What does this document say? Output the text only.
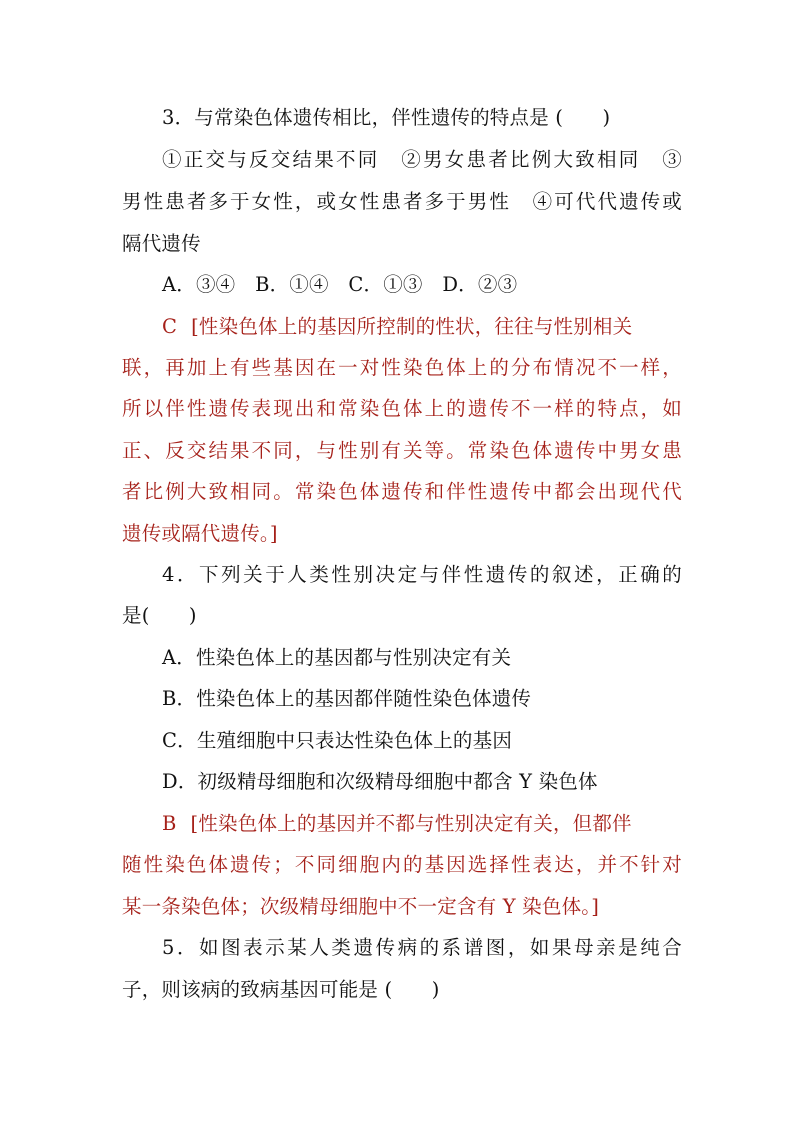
3．与常染色体遗传相比，伴性遗传的特点是 (　　)
①正交与反交结果不同　②男女患者比例大致相同　③
男性患者多于女性，或女性患者多于男性　④可代代遗传或
隔代遗传
A．③④　B．①④　C．①③　D．②③
C [性染色体上的基因所控制的性状，往往与性别相关
联，再加上有些基因在一对性染色体上的分布情况不一样，
所以伴性遗传表现出和常染色体上的遗传不一样的特点，如
正、反交结果不同，与性别有关等。常染色体遗传中男女患
者比例大致相同。常染色体遗传和伴性遗传中都会出现代代
遗传或隔代遗传。]
4．下列关于人类性别决定与伴性遗传的叙述，正确的
是(　　)
A．性染色体上的基因都与性别决定有关
B．性染色体上的基因都伴随性染色体遗传
C．生殖细胞中只表达性染色体上的基因
D．初级精母细胞和次级精母细胞中都含 Y 染色体
B [性染色体上的基因并不都与性别决定有关，但都伴
随性染色体遗传；不同细胞内的基因选择性表达，并不针对
某一条染色体；次级精母细胞中不一定含有 Y 染色体。]
5．如图表示某人类遗传病的系谱图，如果母亲是纯合
子，则该病的致病基因可能是 (　　)
